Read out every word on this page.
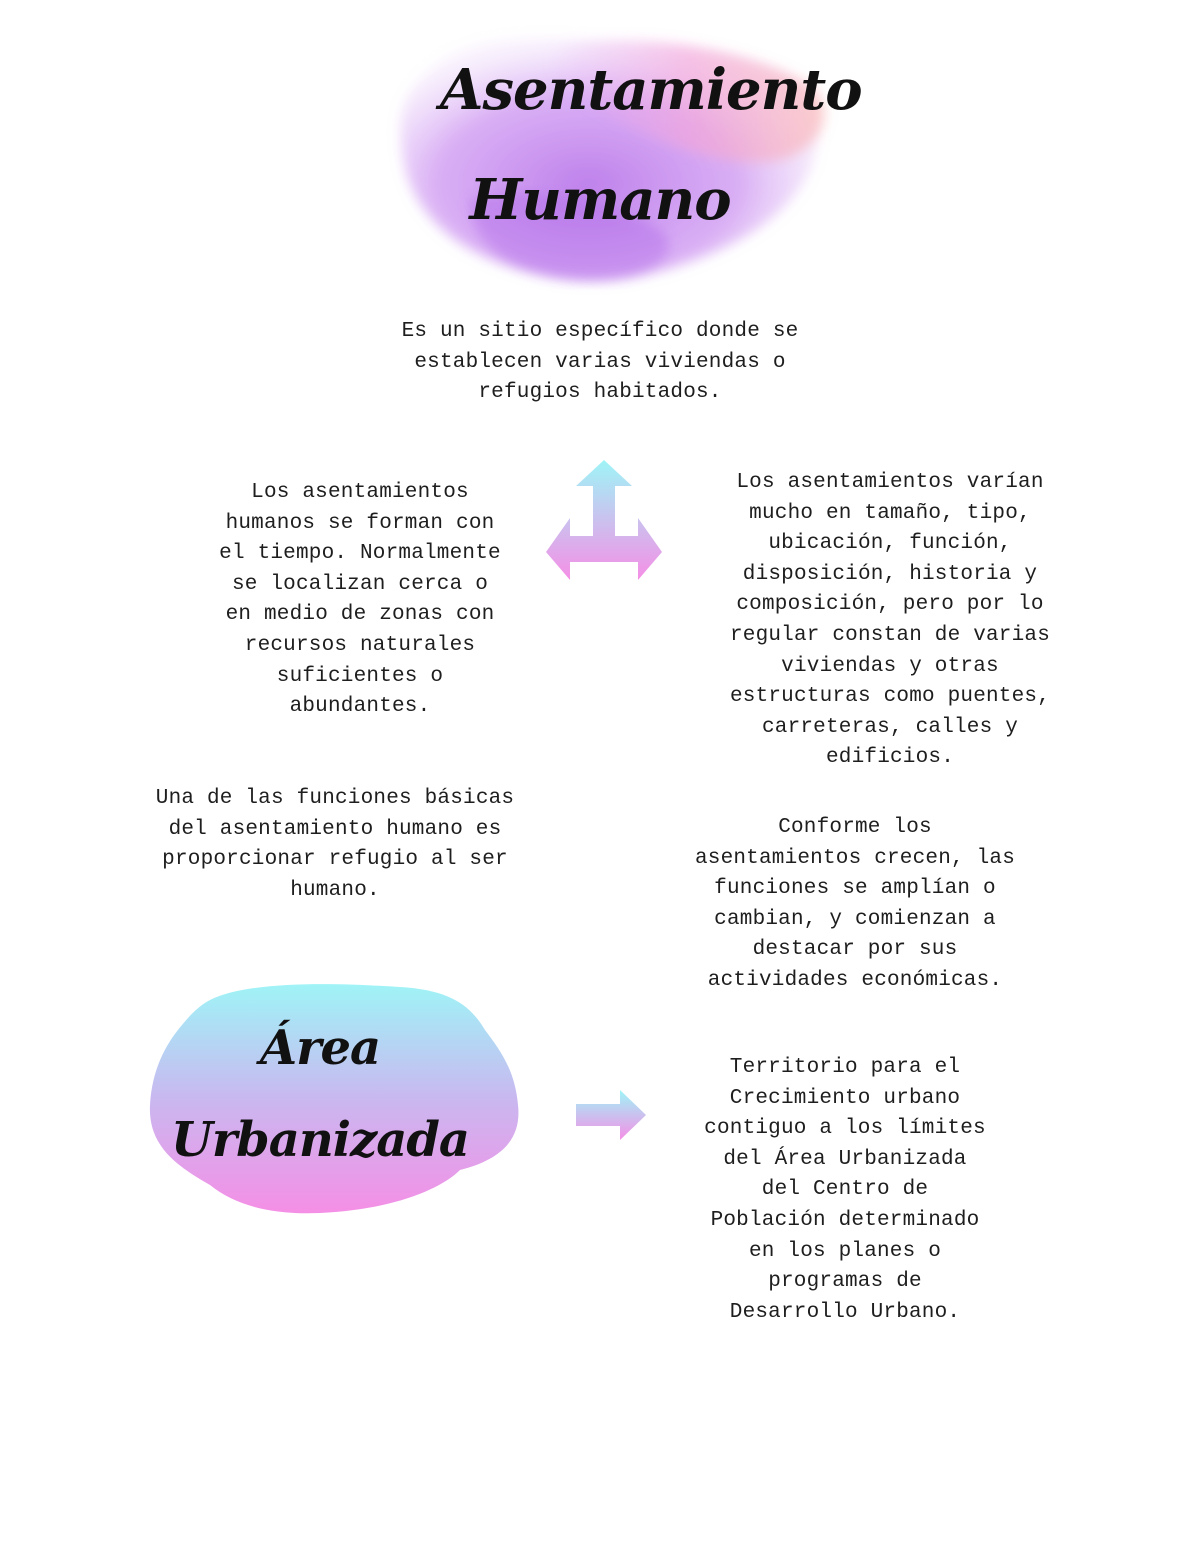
Asentamiento
Humano
Es un sitio específico donde se
establecen varias viviendas o
refugios habitados.
Los asentamientos
humanos se forman con
el tiempo. Normalmente
se localizan cerca o
en medio de zonas con
recursos naturales
suficientes o
abundantes.
Los asentamientos varían
mucho en tamaño, tipo,
ubicación, función,
disposición, historia y
composición, pero por lo
regular constan de varias
viviendas y otras
estructuras como puentes,
carreteras, calles y
edificios.
Una de las funciones básicas
del asentamiento humano es
proporcionar refugio al ser
humano.
Conforme los
asentamientos crecen, las
funciones se amplían o
cambian, y comienzan a
destacar por sus
actividades económicas.
Área
Urbanizada
Territorio para el
Crecimiento urbano
contiguo a los límites
del Área Urbanizada
del Centro de
Población determinado
en los planes o
programas de
Desarrollo Urbano.
